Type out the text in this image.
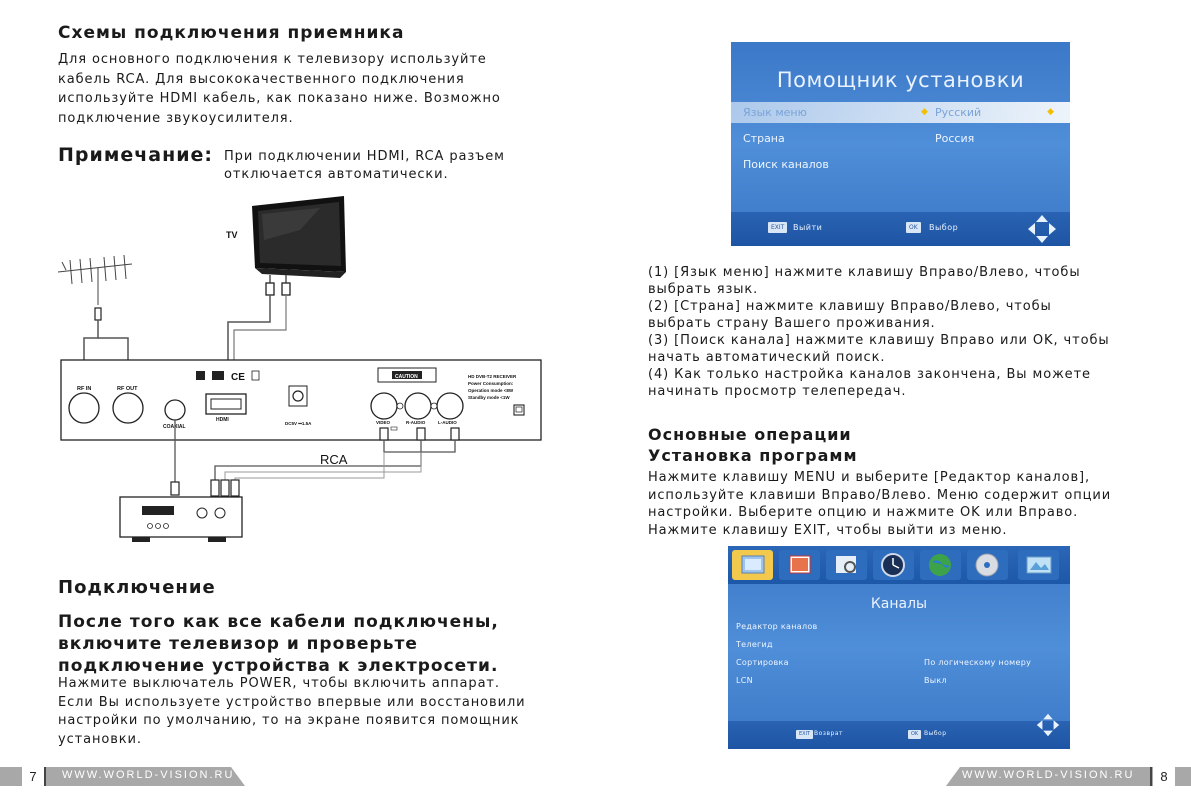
Схемы подключения приемника
Для основного подключения к телевизору используйте
кабель RCA. Для высококачественного подключения
используйте HDMI кабель, как показано ниже. Возможно
подключение звукоусилителя.
Примечание: При подключении HDMI, RCA разъем
отключается автоматически.
TV
RF IN	RF OUT
COAXIAL
CE
HDMI
DC5V ⎓1.5A
CAUTION
VIDEO	R-AUDIO	L-AUDIO
HD DVB-T2 RECEIVER
Power Consumption:
Operation mode <8W
Standby mode <1W
RCA
Подключение
После того как все кабели подключены,
включите телевизор и проверьте
подключение устройства к электросети.
Нажмите выключатель POWER, чтобы включить аппарат.
Если Вы используете устройство впервые или восстановили
настройки по умолчанию, то на экране появится помощник
установки.
Помощник установки
Язык меню	◆ Русский	◆
Страна	Россия
Поиск каналов
EXIT	Выйти	OK	Выбор
(1) [Язык меню] нажмите клавишу Вправо/Влево, чтобы
выбрать язык.
(2) [Страна] нажмите клавишу Вправо/Влево, чтобы
выбрать страну Вашего проживания.
(3) [Поиск канала] нажмите клавишу Вправо или OK, чтобы
начать автоматический поиск.
(4) Как только настройка каналов закончена, Вы можете
начинать просмотр телепередач.
Основные операции
Установка программ
Нажмите клавишу MENU и выберите [Редактор каналов],
используйте клавиши Вправо/Влево. Меню содержит опции
настройки. Выберите опцию и нажмите OK или Вправо.
Нажмите клавишу EXIT, чтобы выйти из меню.
Каналы
Редактор каналов
Телегид
Сортировка	По логическому номеру
LCN	Выкл
EXIT Возврат	OK Выбор
7	WWW.WORLD-VISION.RU	WWW.WORLD-VISION.RU	8
